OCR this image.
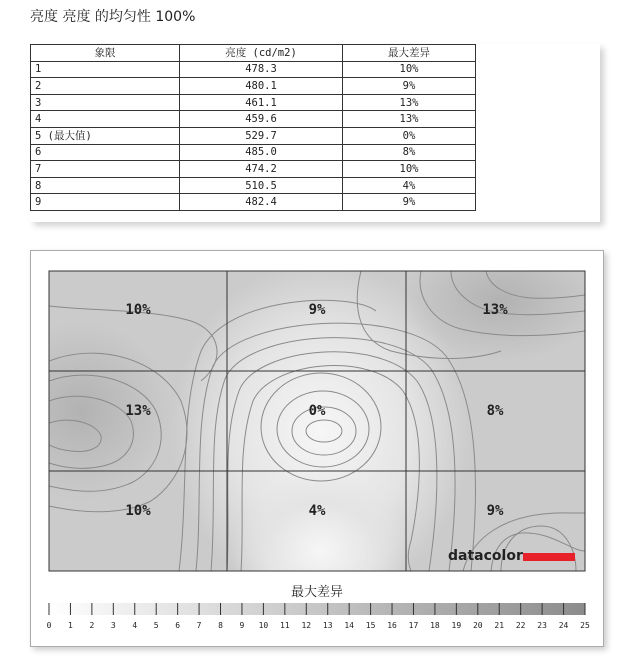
亮度 亮度 的均匀性 100%
象限	亮度 (cd/m2)	最大差异
1	478.3	10%
2	480.1	9%
3	461.1	13%
4	459.6	13%
5 (最大值)	529.7	0%
6	485.0	8%
7	474.2	10%
8	510.5	4%
9	482.4	9%
10%	9%	13%
13%	0%	8%
10%	4%	9%
datacolor
最大差异
0 1 2 3 4 5 6 7 8 9 10 11 12 13 14 15 16 17 18 19 20 21 22 23 24 25
